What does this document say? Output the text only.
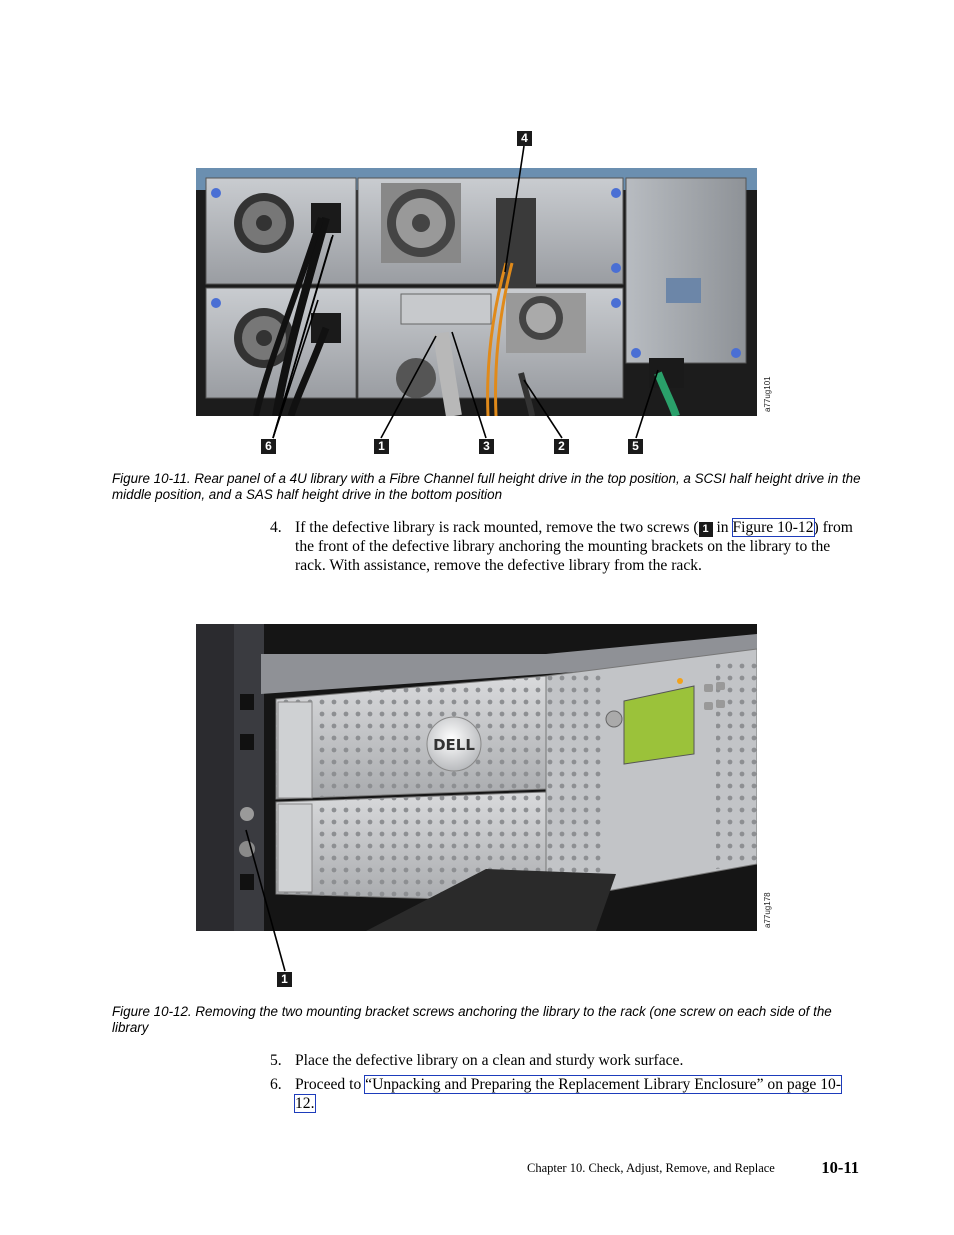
4
a77ug101
6	1	3	2	5
Figure 10-11. Rear panel of a 4U library with a Fibre Channel full height drive in the top position, a SCSI half height drive in the middle position, and a SAS half height drive in the bottom position
4. If the defective library is rack mounted, remove the two screws ( 1 in Figure 10-12) from the front of the defective library anchoring the mounting brackets on the library to the rack. With assistance, remove the defective library from the rack.
DELL
a77ug178
1
Figure 10-12. Removing the two mounting bracket screws anchoring the library to the rack (one screw on each side of the library
5. Place the defective library on a clean and sturdy work surface.
6. Proceed to “Unpacking and Preparing the Replacement Library Enclosure” on page 10-12.
Chapter 10. Check, Adjust, Remove, and Replace	10-11
